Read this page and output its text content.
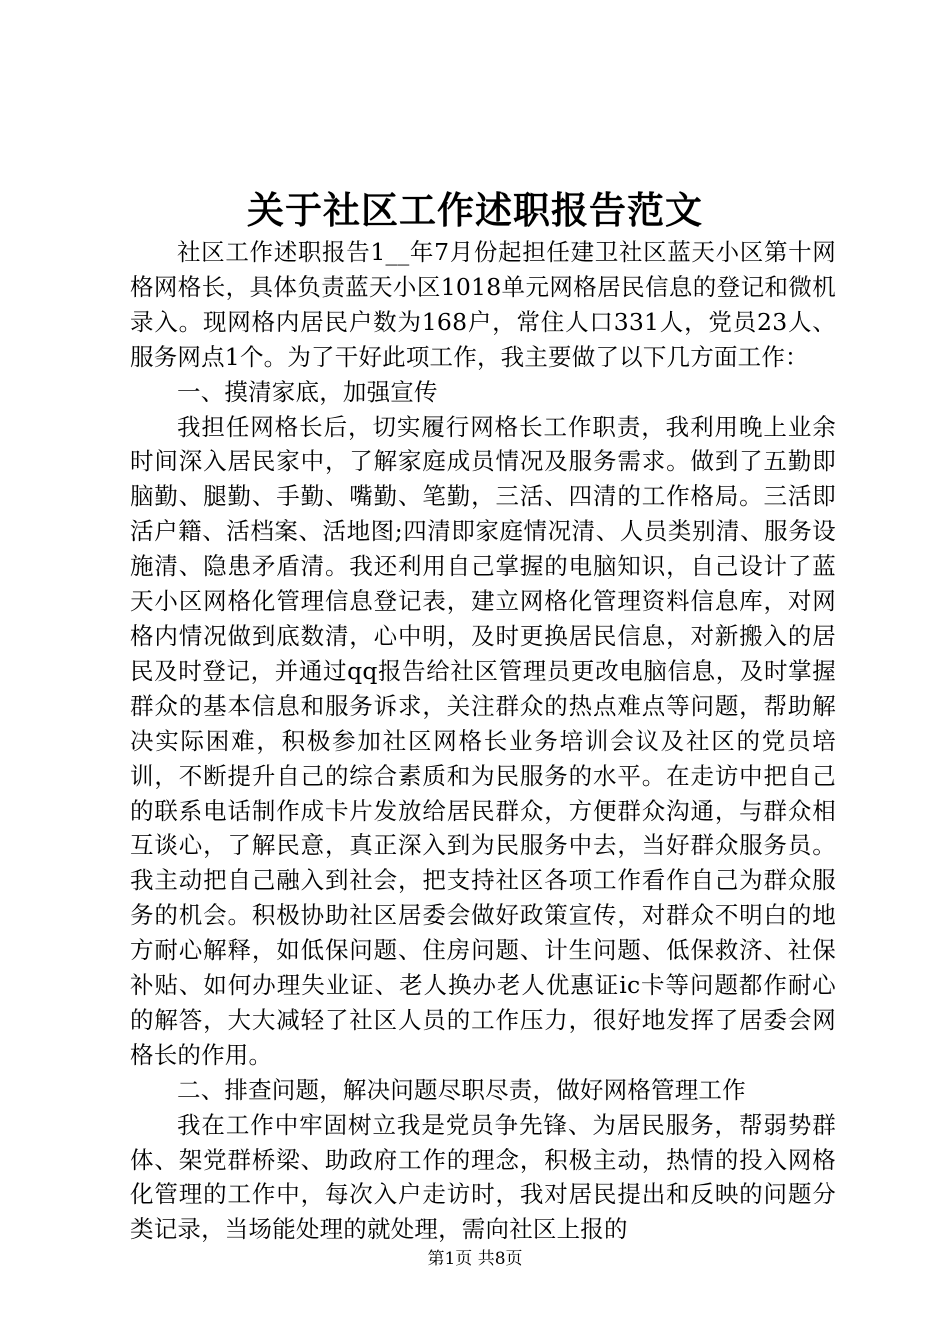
关于社区工作述职报告范文

社区工作述职报告1__年7月份起担任建卫社区蓝天小区第十网格网格长，具体负责蓝天小区1018单元网格居民信息的登记和微机录入。现网格内居民户数为168户，常住人口331人，党员23人、服务网点1个。为了干好此项工作，我主要做了以下几方面工作：

一、摸清家底，加强宣传

我担任网格长后，切实履行网格长工作职责，我利用晚上业余时间深入居民家中，了解家庭成员情况及服务需求。做到了五勤即脑勤、腿勤、手勤、嘴勤、笔勤，三活、四清的工作格局。三活即活户籍、活档案、活地图;四清即家庭情况清、人员类别清、服务设施清、隐患矛盾清。我还利用自己掌握的电脑知识，自己设计了蓝天小区网格化管理信息登记表，建立网格化管理资料信息库，对网格内情况做到底数清，心中明，及时更换居民信息，对新搬入的居民及时登记，并通过qq报告给社区管理员更改电脑信息，及时掌握群众的基本信息和服务诉求，关注群众的热点难点等问题，帮助解决实际困难，积极参加社区网格长业务培训会议及社区的党员培训，不断提升自己的综合素质和为民服务的水平。在走访中把自己的联系电话制作成卡片发放给居民群众，方便群众沟通，与群众相互谈心，了解民意，真正深入到为民服务中去，当好群众服务员。我主动把自己融入到社会，把支持社区各项工作看作自己为群众服务的机会。积极协助社区居委会做好政策宣传，对群众不明白的地方耐心解释，如低保问题、住房问题、计生问题、低保救济、社保补贴、如何办理失业证、老人换办老人优惠证ic卡等问题都作耐心的解答，大大减轻了社区人员的工作压力，很好地发挥了居委会网格长的作用。

二、排查问题，解决问题尽职尽责，做好网格管理工作

我在工作中牢固树立我是党员争先锋、为居民服务，帮弱势群体、架党群桥梁、助政府工作的理念，积极主动，热情的投入网格化管理的工作中，每次入户走访时，我对居民提出和反映的问题分类记录，当场能处理的就处理，需向社区上报的

第1页 共8页
